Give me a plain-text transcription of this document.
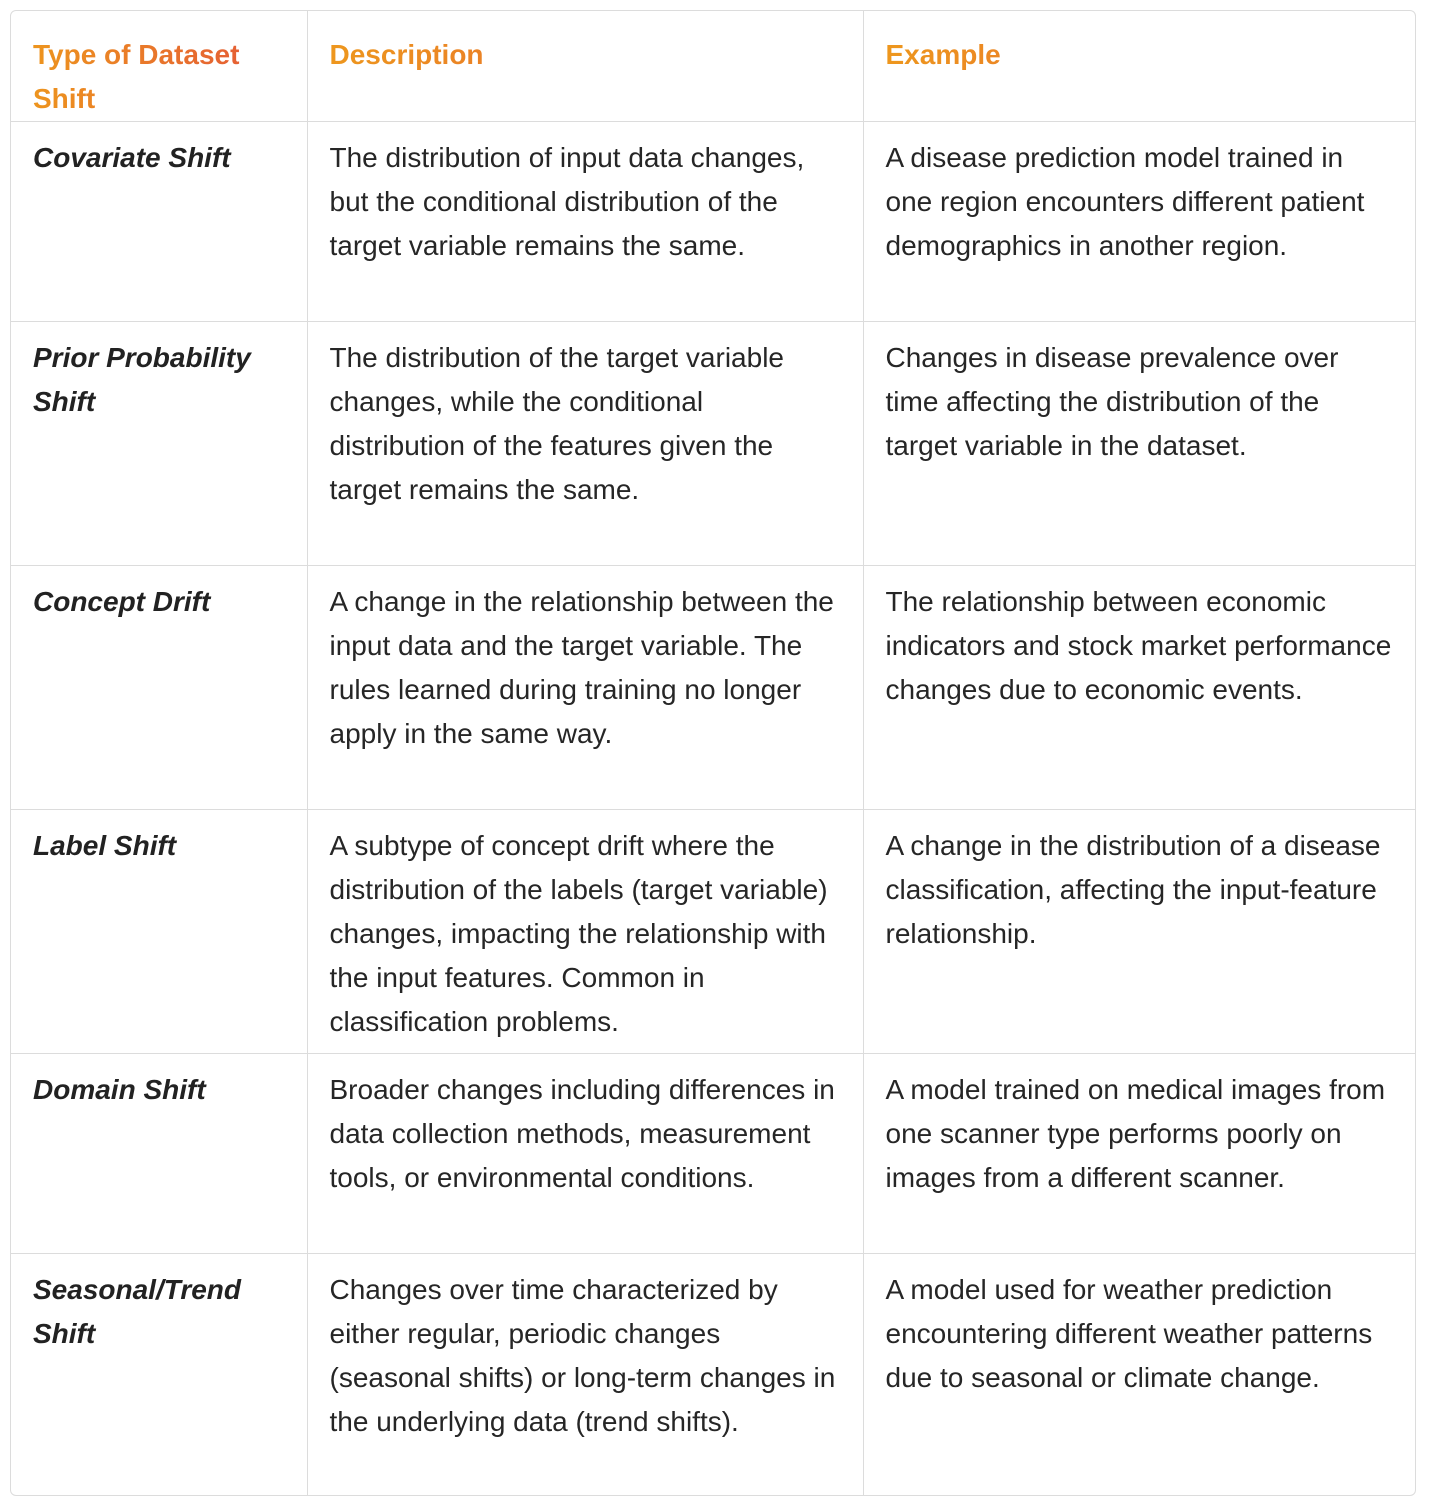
Type of Dataset Shift	Description	Example
Covariate Shift	The distribution of input data changes, but the conditional distribution of the target variable remains the same.	A disease prediction model trained in one region encounters different patient demographics in another region.
Prior Probability Shift	The distribution of the target variable changes, while the conditional distribution of the features given the target remains the same.	Changes in disease prevalence over time affecting the distribution of the target variable in the dataset.
Concept Drift	A change in the relationship between the input data and the target variable. The rules learned during training no longer apply in the same way.	The relationship between economic indicators and stock market performance changes due to economic events.
Label Shift	A subtype of concept drift where the distribution of the labels (target variable) changes, impacting the relationship with the input features. Common in classification problems.	A change in the distribution of a disease classification, affecting the input-feature relationship.
Domain Shift	Broader changes including differences in data collection methods, measurement tools, or environmental conditions.	A model trained on medical images from one scanner type performs poorly on images from a different scanner.
Seasonal/Trend Shift	Changes over time characterized by either regular, periodic changes (seasonal shifts) or long-term changes in the underlying data (trend shifts).	A model used for weather prediction encountering different weather patterns due to seasonal or climate change.
